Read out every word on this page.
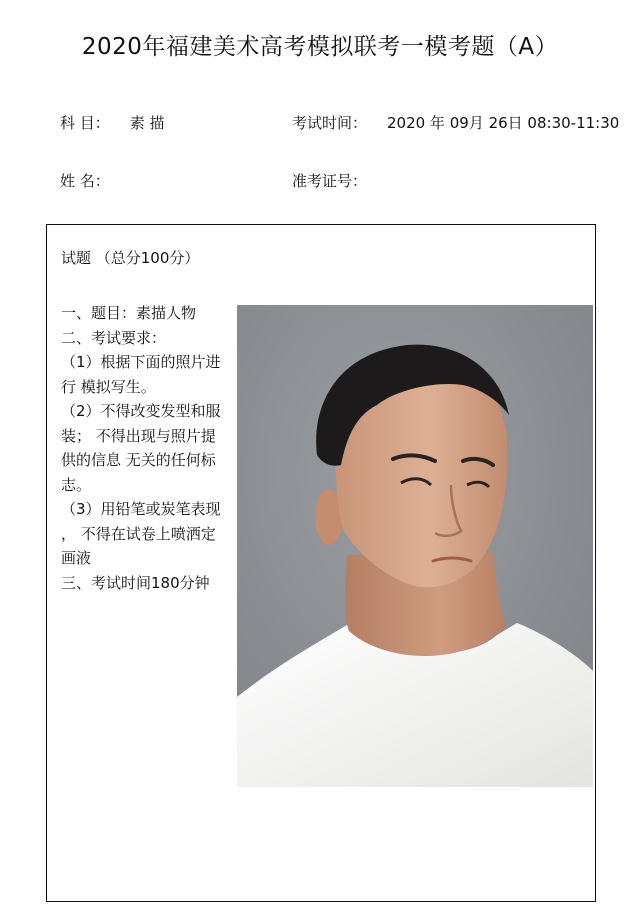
2020年福建美术高考模拟联考一模考题（A）
科 目： 素 描	考试时间： 2020 年 09月 26日 08:30-11:30
姓 名：	准考证号：
试题 （总分100分）
一、题目：素描人物
二、考试要求：
（1）根据下面的照片进
行 模拟写生。
（2）不得改变发型和服
装； 不得出现与照片提
供的信息 无关的任何标
志。
（3）用铅笔或炭笔表现
， 不得在试卷上喷洒定
画液
三、考试时间180分钟
